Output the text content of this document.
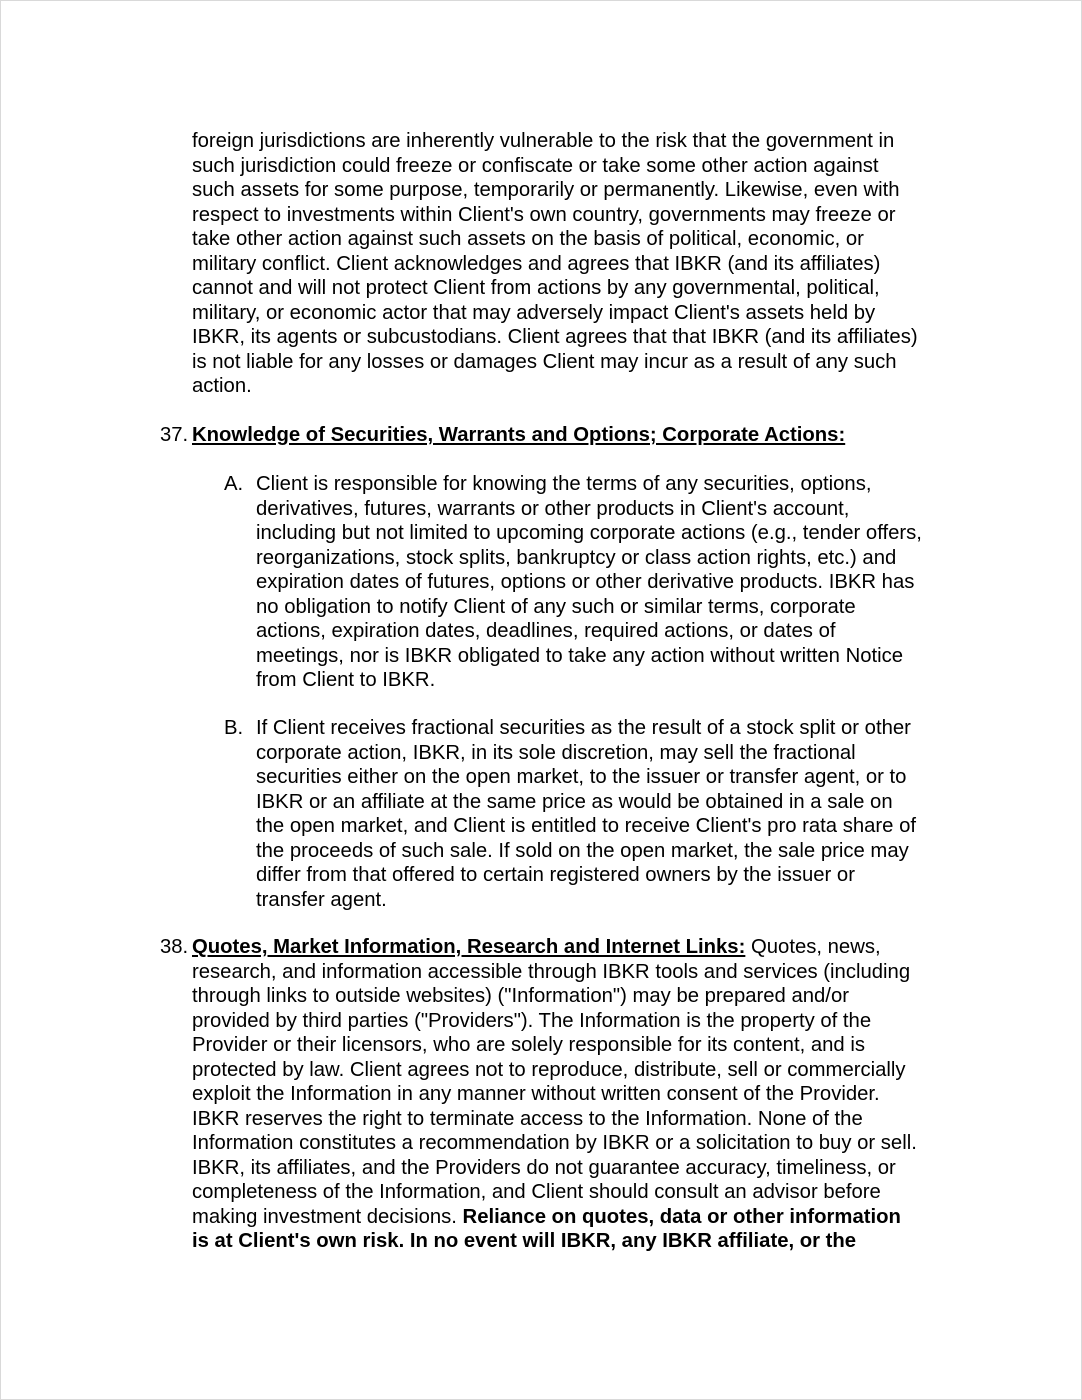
foreign jurisdictions are inherently vulnerable to the risk that the government in
such jurisdiction could freeze or confiscate or take some other action against
such assets for some purpose, temporarily or permanently. Likewise, even with
respect to investments within Client's own country, governments may freeze or
take other action against such assets on the basis of political, economic, or
military conflict. Client acknowledges and agrees that IBKR (and its affiliates)
cannot and will not protect Client from actions by any governmental, political,
military, or economic actor that may adversely impact Client's assets held by
IBKR, its agents or subcustodians. Client agrees that that IBKR (and its affiliates)
is not liable for any losses or damages Client may incur as a result of any such
action.

37. Knowledge of Securities, Warrants and Options; Corporate Actions:
A. Client is responsible for knowing the terms of any securities, options,
derivatives, futures, warrants or other products in Client's account,
including but not limited to upcoming corporate actions (e.g., tender offers,
reorganizations, stock splits, bankruptcy or class action rights, etc.) and
expiration dates of futures, options or other derivative products. IBKR has
no obligation to notify Client of any such or similar terms, corporate
actions, expiration dates, deadlines, required actions, or dates of
meetings, nor is IBKR obligated to take any action without written Notice
from Client to IBKR.

B. If Client receives fractional securities as the result of a stock split or other
corporate action, IBKR, in its sole discretion, may sell the fractional
securities either on the open market, to the issuer or transfer agent, or to
IBKR or an affiliate at the same price as would be obtained in a sale on
the open market, and Client is entitled to receive Client's pro rata share of
the proceeds of such sale. If sold on the open market, the sale price may
differ from that offered to certain registered owners by the issuer or
transfer agent.

38. Quotes, Market Information, Research and Internet Links: Quotes, news,
research, and information accessible through IBKR tools and services (including
through links to outside websites) ("Information") may be prepared and/or
provided by third parties ("Providers"). The Information is the property of the
Provider or their licensors, who are solely responsible for its content, and is
protected by law. Client agrees not to reproduce, distribute, sell or commercially
exploit the Information in any manner without written consent of the Provider.
IBKR reserves the right to terminate access to the Information. None of the
Information constitutes a recommendation by IBKR or a solicitation to buy or sell.
IBKR, its affiliates, and the Providers do not guarantee accuracy, timeliness, or
completeness of the Information, and Client should consult an advisor before
making investment decisions. Reliance on quotes, data or other information
is at Client's own risk. In no event will IBKR, any IBKR affiliate, or the
